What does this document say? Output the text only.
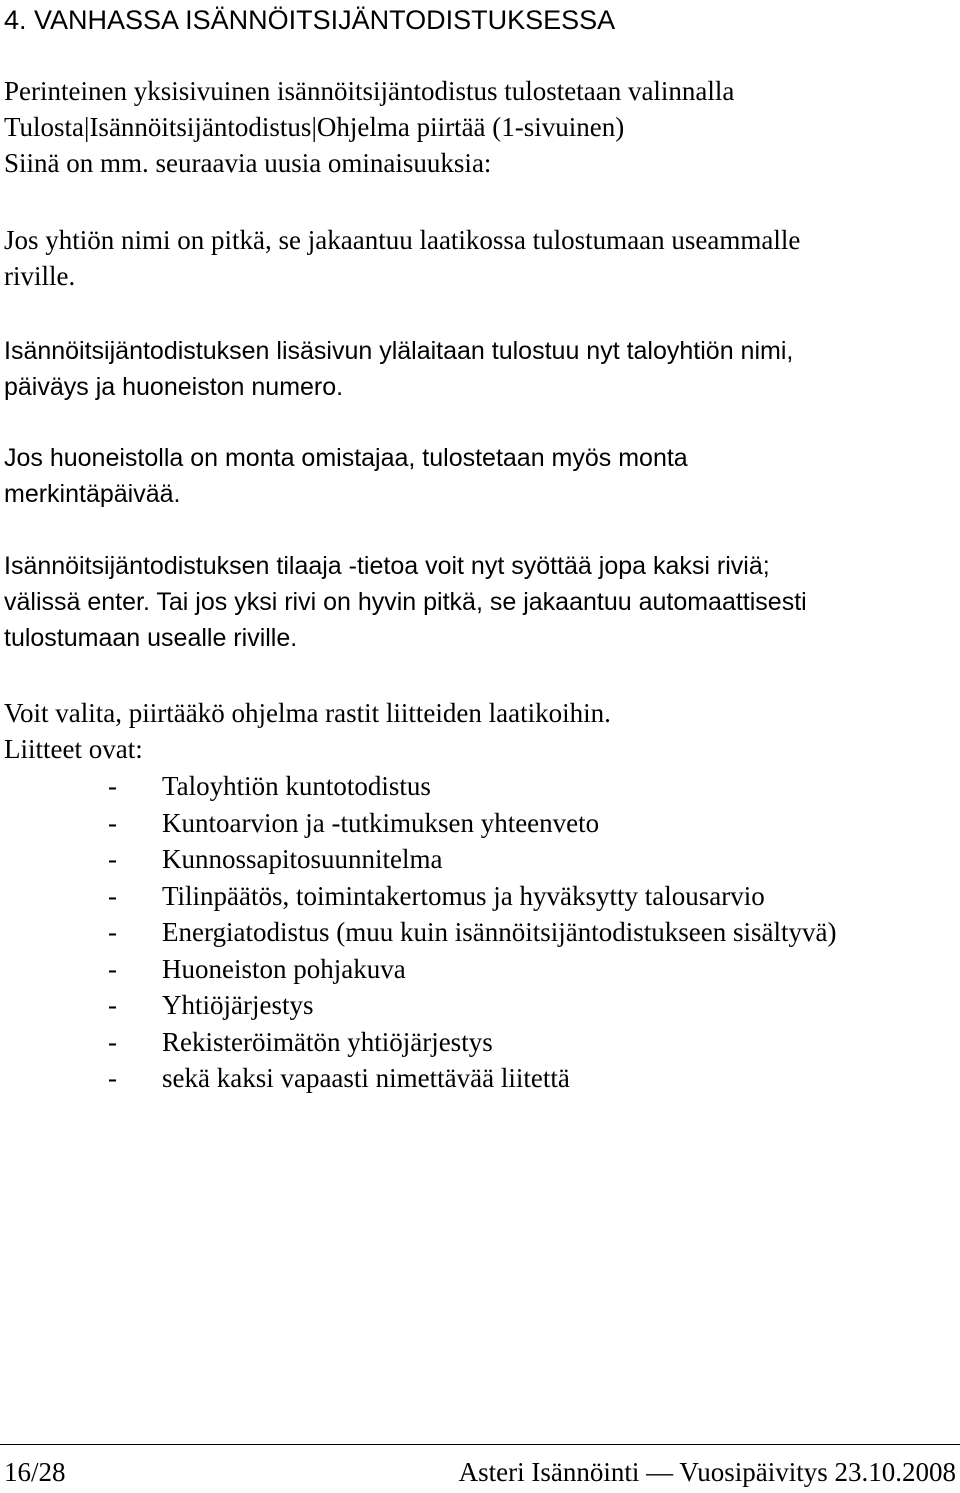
4. VANHASSA ISÄNNÖITSIJÄNTODISTUKSESSA
Perinteinen yksisivuinen isännöitsijäntodistus tulostetaan valinnalla
Tulosta|Isännöitsijäntodistus|Ohjelma piirtää (1-sivuinen)
Siinä on mm. seuraavia uusia ominaisuuksia:
Jos yhtiön nimi on pitkä, se jakaantuu laatikossa tulostumaan useammalle
riville.
Isännöitsijäntodistuksen lisäsivun ylälaitaan tulostuu nyt taloyhtiön nimi,
päiväys ja huoneiston numero.
Jos huoneistolla on monta omistajaa, tulostetaan myös monta
merkintäpäivää.
Isännöitsijäntodistuksen tilaaja -tietoa voit nyt syöttää jopa kaksi riviä;
välissä enter. Tai jos yksi rivi on hyvin pitkä, se jakaantuu automaattisesti
tulostumaan usealle riville.
Voit valita, piirtääkö ohjelma rastit liitteiden laatikoihin.
Liitteet ovat:
- Taloyhtiön kuntotodistus
- Kuntoarvion ja -tutkimuksen yhteenveto
- Kunnossapitosuunnitelma
- Tilinpäätös, toimintakertomus ja hyväksytty talousarvio
- Energiatodistus (muu kuin isännöitsijäntodistukseen sisältyvä)
- Huoneiston pohjakuva
- Yhtiöjärjestys
- Rekisteröimätön yhtiöjärjestys
- sekä kaksi vapaasti nimettävää liitettä
16/28	Asteri Isännöinti — Vuosipäivitys 23.10.2008
